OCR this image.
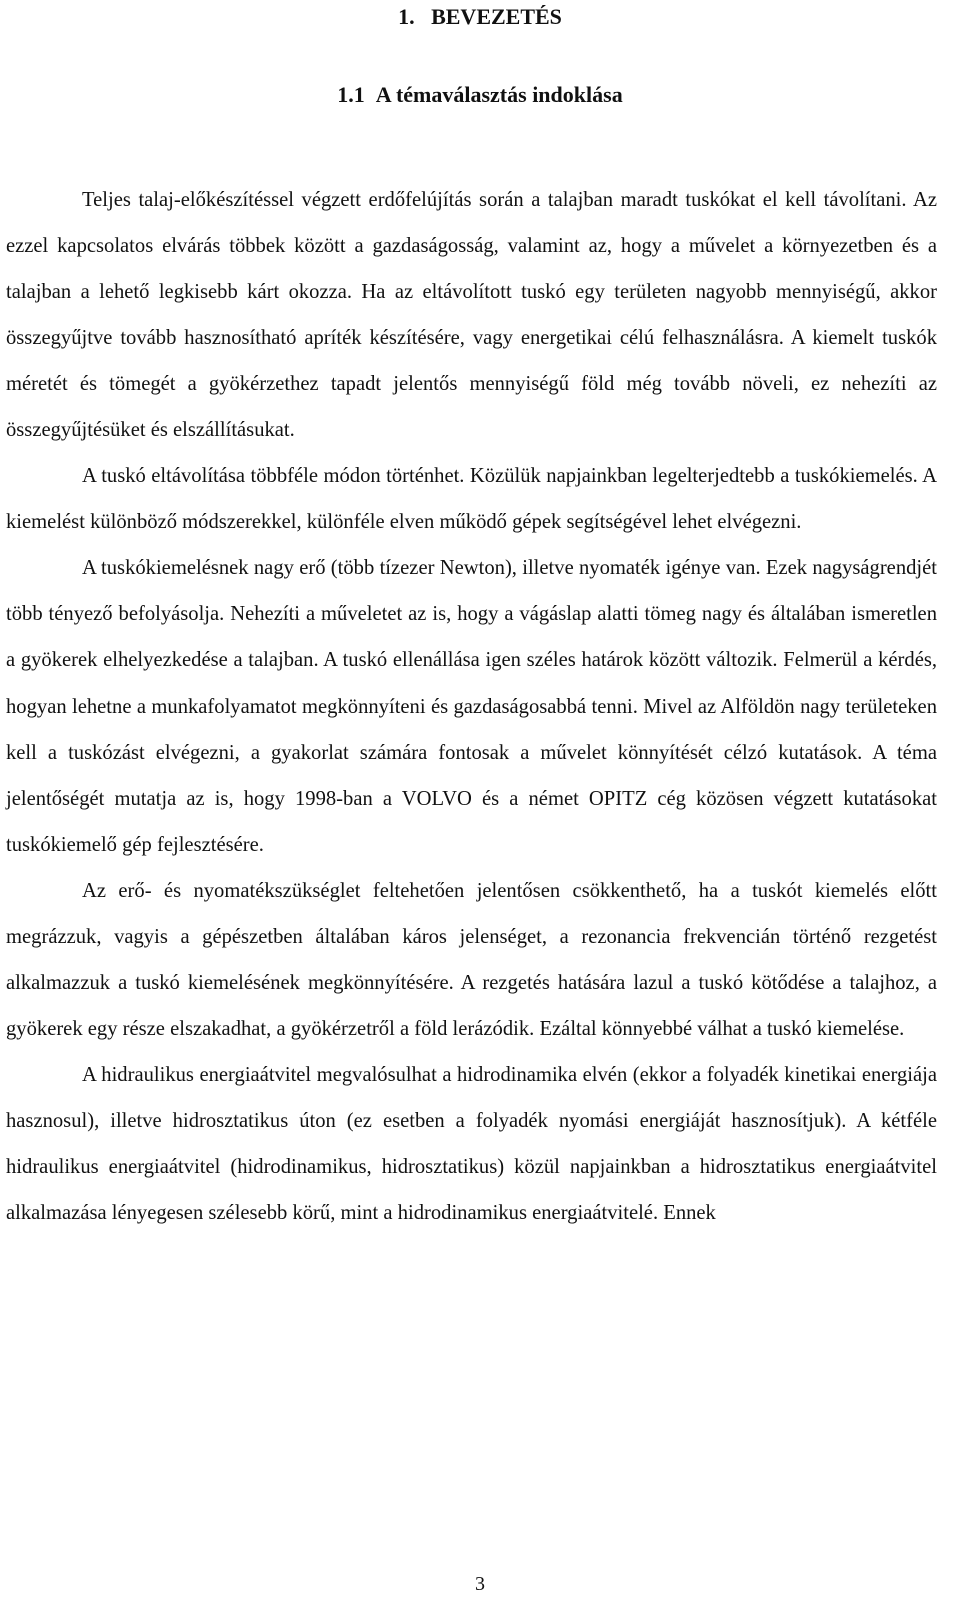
1.   BEVEZETÉS
1.1  A témaválasztás indoklása

Teljes talaj-előkészítéssel végzett erdőfelújítás során a talajban maradt tuskókat el kell távolítani. Az ezzel kapcsolatos elvárás többek között a gazdaságosság, valamint az, hogy a művelet a környezetben és a talajban a lehető legkisebb kárt okozza. Ha az eltávolított tuskó egy területen nagyobb mennyiségű, akkor összegyűjtve tovább hasznosítható apríték készítésére, vagy energetikai célú felhasználásra. A kiemelt tuskók méretét és tömegét a gyökérzethez tapadt jelentős mennyiségű föld még tovább növeli, ez nehezíti az összegyűjtésüket és elszállításukat.

A tuskó eltávolítása többféle módon történhet. Közülük napjainkban legelterjedtebb a tuskókiemelés. A kiemelést különböző módszerekkel, különféle elven működő gépek segítségével lehet elvégezni.

A tuskókiemelésnek nagy erő (több tízezer Newton), illetve nyomaték igénye van. Ezek nagyságrendjét több tényező befolyásolja. Nehezíti a műveletet az is, hogy a vágáslap alatti tömeg nagy és általában ismeretlen a gyökerek elhelyezkedése a talajban. A tuskó ellenállása igen széles határok között változik. Felmerül a kérdés, hogyan lehetne a munkafolyamatot megkönnyíteni és gazdaságosabbá tenni. Mivel az Alföldön nagy területeken kell a tuskózást elvégezni, a gyakorlat számára fontosak a művelet könnyítését célzó kutatások. A téma jelentőségét mutatja az is, hogy 1998-ban a VOLVO és a német OPITZ cég közösen végzett kutatásokat tuskókiemelő gép fejlesztésére.

Az erő- és nyomatékszükséglet feltehetően jelentősen csökkenthető, ha a tuskót kiemelés előtt megrázzuk, vagyis a gépészetben általában káros jelenséget, a rezonancia frekvencián történő rezgetést alkalmazzuk a tuskó kiemelésének megkönnyítésére. A rezgetés hatására lazul a tuskó kötődése a talajhoz, a gyökerek egy része elszakadhat, a gyökérzetről a föld lerázódik. Ezáltal könnyebbé válhat a tuskó kiemelése.

A hidraulikus energiaátvitel megvalósulhat a hidrodinamika elvén (ekkor a folyadék kinetikai energiája hasznosul), illetve hidrosztatikus úton (ez esetben a folyadék nyomási energiáját hasznosítjuk). A kétféle hidraulikus energiaátvitel (hidrodinamikus, hidrosztatikus) közül napjainkban a hidrosztatikus energiaátvitel alkalmazása lényegesen szélesebb körű, mint a hidrodinamikus energiaátvitelé. Ennek

3
